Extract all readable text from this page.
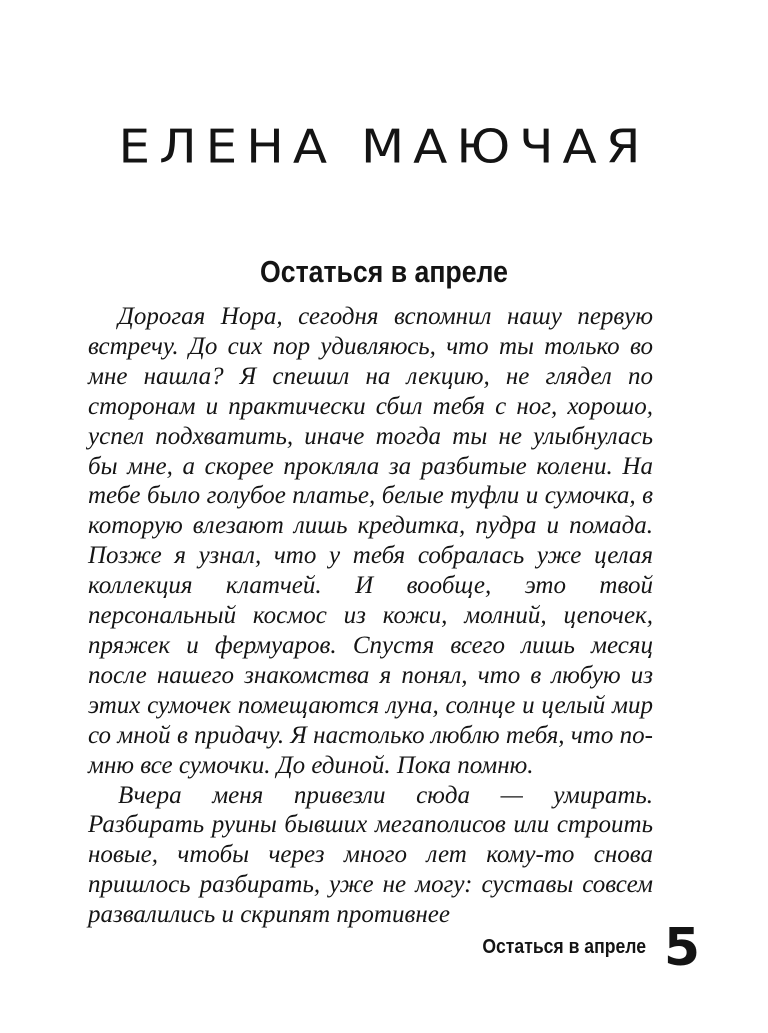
ЕЛЕНА МАЮЧАЯ
Остаться в апреле

Дорогая Нора, сегодня вспомнил нашу первую встречу. До сих пор удивляюсь, что ты только во мне нашла? Я спешил на лекцию, не глядел по сторонам и практически сбил тебя с ног, хорошо, успел подхватить, иначе тогда ты не улыбнулась бы мне, а скорее прокляла за разбитые колени. На тебе было голубое платье, белые туфли и сумочка, в которую влезают лишь кредитка, пудра и помада. Позже я узнал, что у тебя собралась уже целая коллекция клатчей. И вообще, это твой персональный космос из кожи, молний, цепочек, пряжек и фермуаров. Спустя всего лишь месяц после нашего знакомства я понял, что в любую из этих сумочек помещаются луна, солнце и целый мир со мной в придачу. Я настолько люблю тебя, что помню все сумочки. До единой. Пока помню.

Вчера меня привезли сюда — умирать. Разбирать руины бывших мегаполисов или строить новые, чтобы через много лет кому-то снова пришлось разбирать, уже не могу: суставы совсем развалились и скрипят противнее

Остаться в апреле 5
